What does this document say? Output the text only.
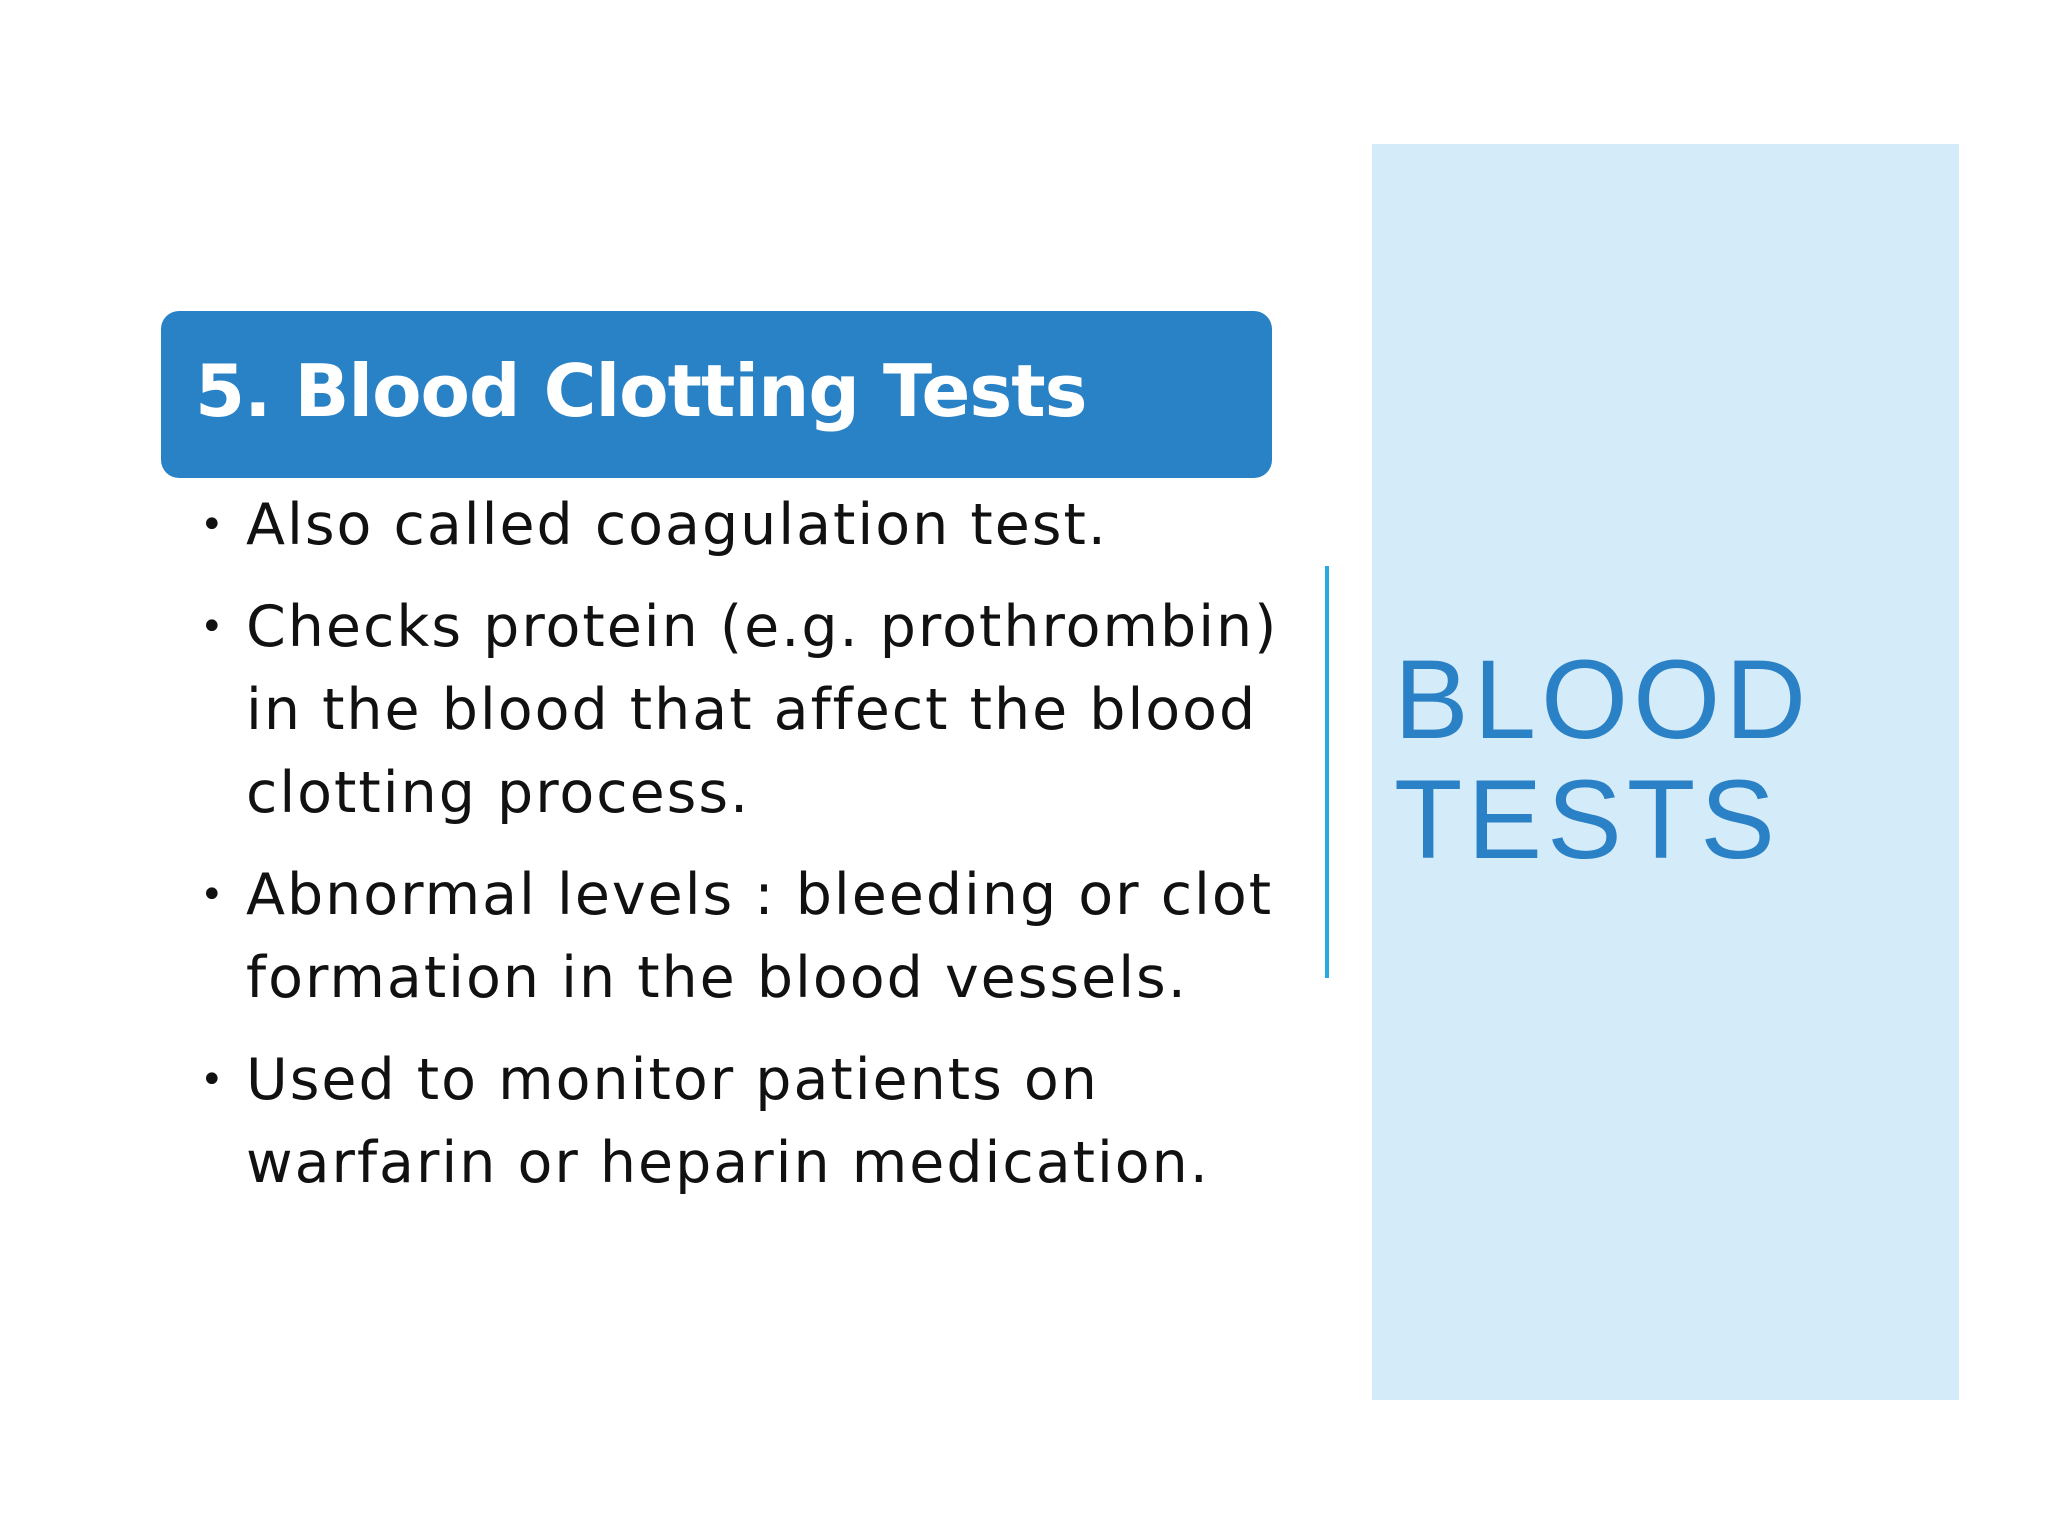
BLOOD
TESTS
5. Blood Clotting Tests
• Also called coagulation test.
• Checks protein (e.g. prothrombin) in the blood that affect the blood clotting process.
• Abnormal levels : bleeding or clot formation in the blood vessels.
• Used to monitor patients on warfarin or heparin medication.
